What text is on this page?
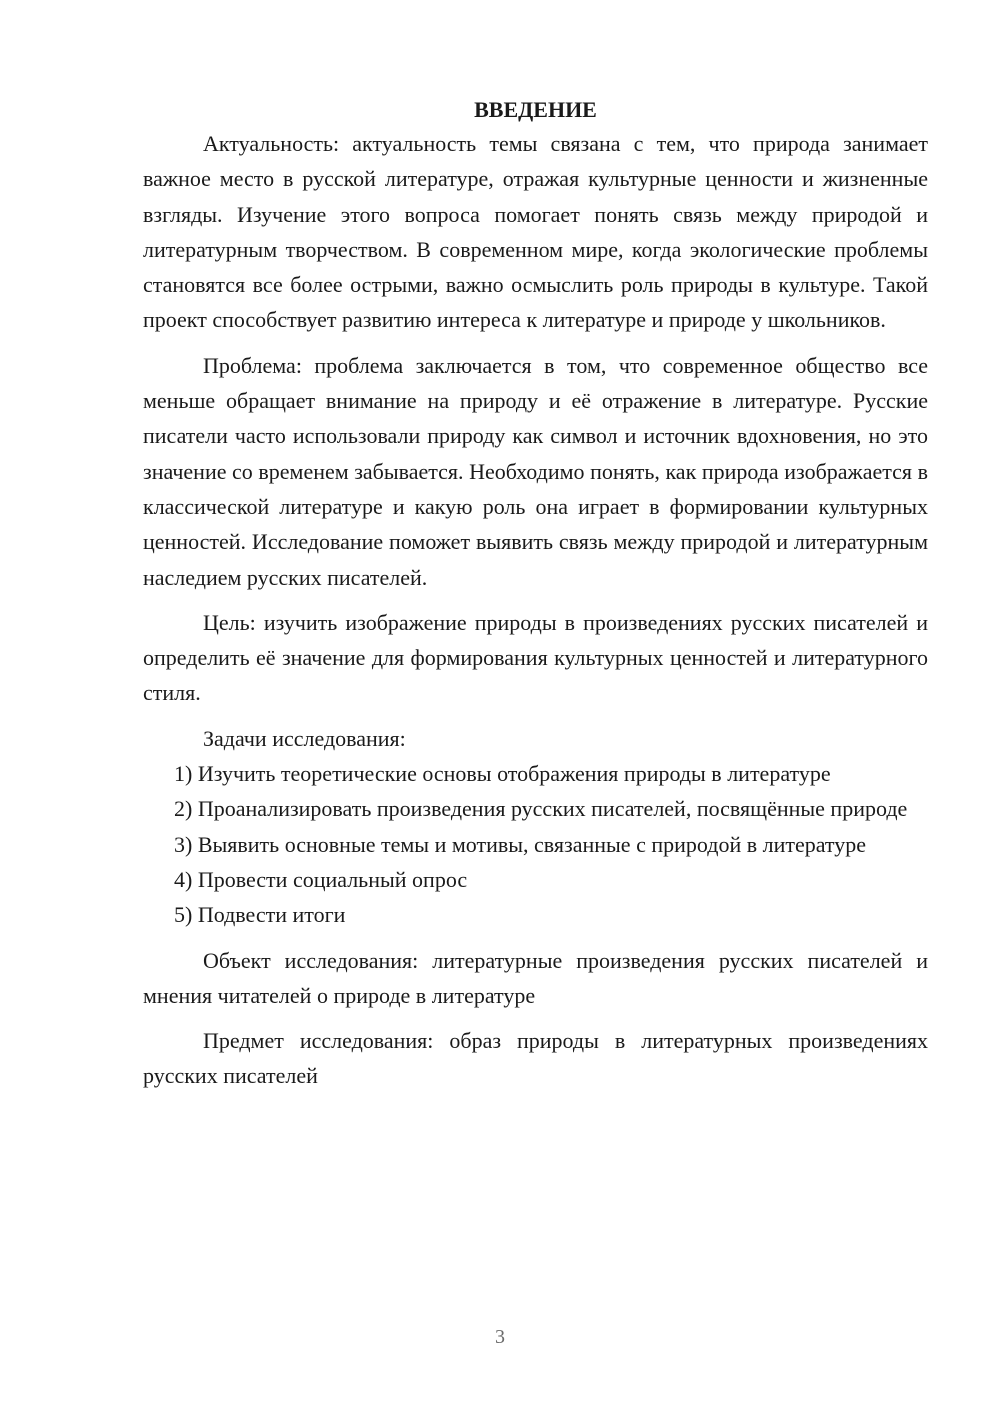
ВВЕДЕНИЕ

Актуальность: актуальность темы связана с тем, что природа занимает важное место в русской литературе, отражая культурные ценности и жизненные взгляды. Изучение этого вопроса помогает понять связь между природой и литературным творчеством. В современном мире, когда экологические проблемы становятся все более острыми, важно осмыслить роль природы в культуре. Такой проект способствует развитию интереса к литературе и природе у школьников.

Проблема: проблема заключается в том, что современное общество все меньше обращает внимание на природу и её отражение в литературе. Русские писатели часто использовали природу как символ и источник вдохновения, но это значение со временем забывается. Необходимо понять, как природа изображается в классической литературе и какую роль она играет в формировании культурных ценностей. Исследование поможет выявить связь между природой и литературным наследием русских писателей.

Цель: изучить изображение природы в произведениях русских писателей и определить её значение для формирования культурных ценностей и литературного стиля.

Задачи исследования:

1) Изучить теоретические основы отображения природы в литературе

2) Проанализировать произведения русских писателей, посвящённые природе

3) Выявить основные темы и мотивы, связанные с природой в литературе

4) Провести социальный опрос

5) Подвести итоги

Объект исследования: литературные произведения русских писателей и мнения читателей о природе в литературе

Предмет исследования: образ природы в литературных произведениях русских писателей

3
